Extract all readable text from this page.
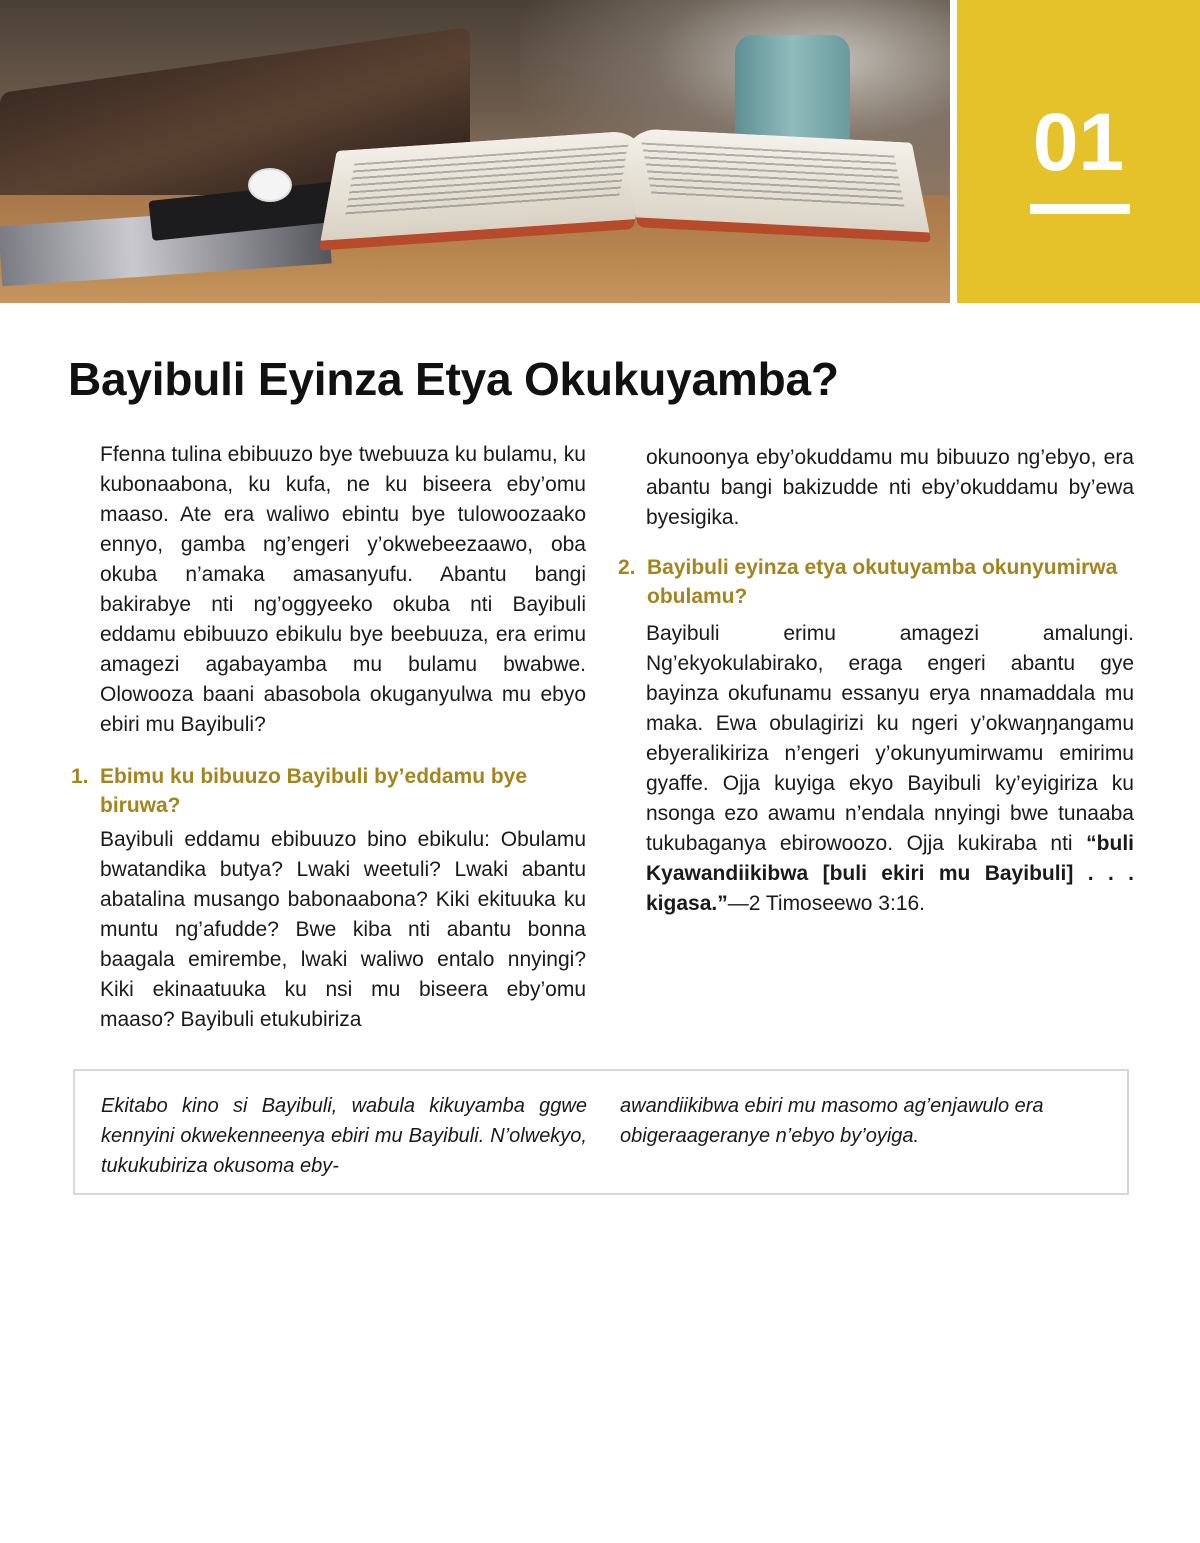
01
Bayibuli Eyinza Etya Okukuyamba?

Ffenna tulina ebibuuzo bye twebuuza ku bulamu, ku kubonaabona, ku kufa, ne ku biseera eby’omu maaso. Ate era waliwo ebintu bye tulowoozaako ennyo, gamba ng’engeri y’okwebeezaawo, oba okuba n’amaka amasanyufu. Abantu bangi bakirabye nti ng’oggyeeko okuba nti Bayibuli eddamu ebibuuzo ebikulu bye beebuuza, era erimu amagezi agabayamba mu bulamu bwabwe. Olowooza baani abasobola okuganyulwa mu ebyo ebiri mu Bayibuli?

1. Ebimu ku bibuuzo Bayibuli by’eddamu bye biruwa?

Bayibuli eddamu ebibuuzo bino ebikulu: Obulamu bwatandika butya? Lwaki weetuli? Lwaki abantu abatalina musango babonaabona? Kiki ekituuka ku muntu ng’afudde? Bwe kiba nti abantu bonna baagala emirembe, lwaki waliwo entalo nnyingi? Kiki ekinaatuuka ku nsi mu biseera eby’omu maaso? Bayibuli etukubiriza

okunoonya eby’okuddamu mu bibuuzo ng’ebyo, era abantu bangi bakizudde nti eby’okuddamu by’ewa byesigika.

2. Bayibuli eyinza etya okutuyamba okunyumirwa obulamu?

Bayibuli erimu amagezi amalungi. Ng’ekyokulabirako, eraga engeri abantu gye bayinza okufunamu essanyu erya nnamaddala mu maka. Ewa obulagirizi ku ngeri y’okwaŋŋangamu ebyeralikiriza n’engeri y’okunyumirwamu emirimu gyaffe. Ojja kuyiga ekyo Bayibuli ky’eyigiriza ku nsonga ezo awamu n’endala nnyingi bwe tunaaba tukubaganya ebirowoozo. Ojja kukiraba nti “buli Kyawandiikibwa [buli ekiri mu Bayibuli] . . . kigasa.”—2 Timoseewo 3:16.

Ekitabo kino si Bayibuli, wabula kikuyamba ggwe kennyini okwekenneenya ebiri mu Bayibuli. N’olwekyo, tukukubiriza okusoma eby-

awandiikibwa ebiri mu masomo ag’enjawulo era obigeraageranye n’ebyo by’oyiga.
